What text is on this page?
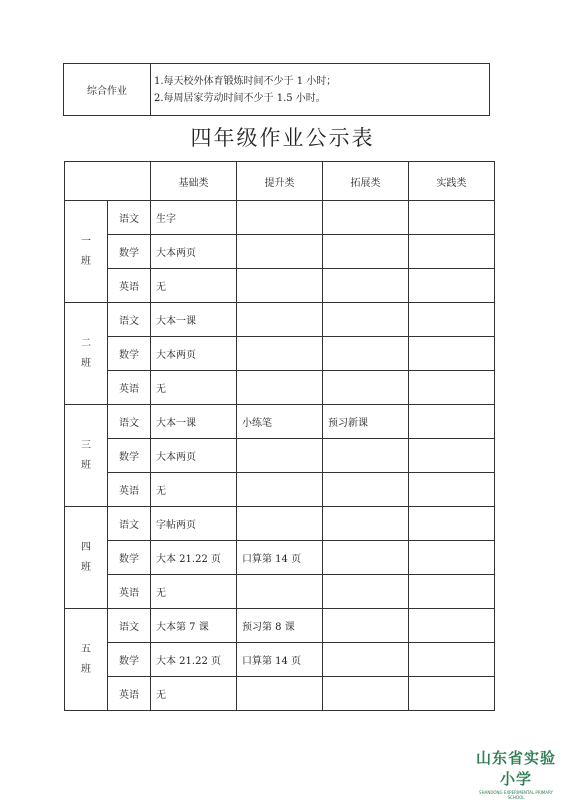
综合作业	
1.每天校外体育锻炼时间不少于 1 小时；
2.每周居家劳动时间不少于 1.5 小时。
四年级作业公示表
		基础类	提升类	拓展类	实践类

一
班	语文	生字			
	数学	大本两页			
	英语	无			

二
班	语文	大本一课			
	数学	大本两页			
	英语	无			

三
班	语文	大本一课	小练笔	预习新课	
	数学	大本两页			
	英语	无			

四
班	语文	字帖两页			
	数学	大本 21.22 页	口算第 14 页		
	英语	无			

五
班	语文	大本第 7 课	预习第 8 课		
	数学	大本 21.22 页	口算第 14 页		
	英语	无			
山东省实验小学
SHANDONG EXPERIMENTAL PRIMARY SCHOOL
